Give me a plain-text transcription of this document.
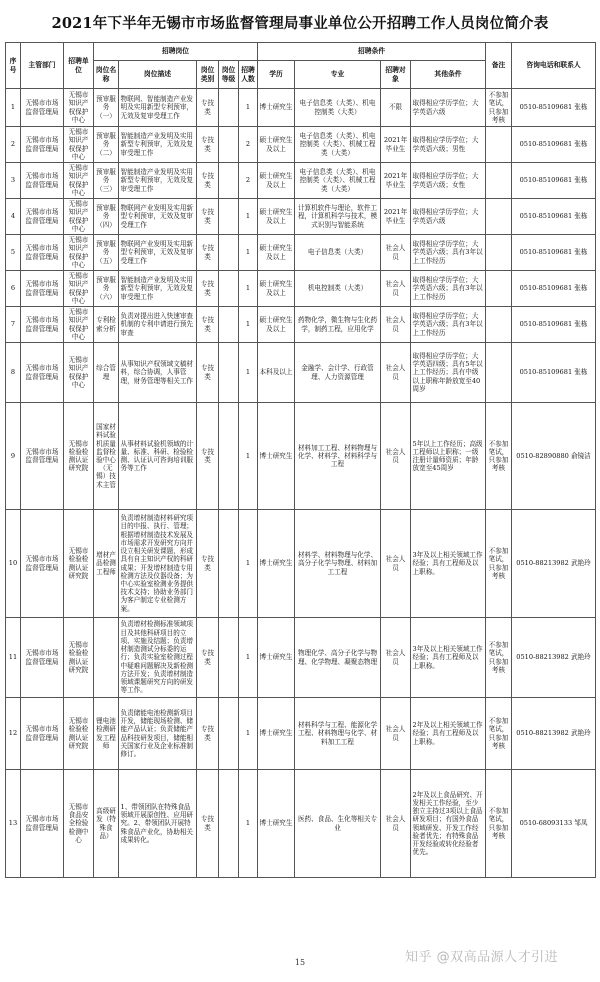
2021年下半年无锡市市场监督管理局事业单位公开招聘工作人员岗位简介表
序号	主管部门	招聘单位	招聘岗位					招聘条件				备注	咨询电话和联系人
			岗位名称	岗位描述	岗位类别	岗位等级	招聘人数	学历	专业	招聘对象	其他条件		
1	无锡市市场监督管理局	无锡市知识产权保护中心	预审服务（一）	物联网、智能制造产业发明及实用新型专利预审，无效及复审受理工作	专技类		1	博士研究生	电子信息类（大类）、机电控制类（大类）	不限	取得相应学历学位；大学英语六级	不参加笔试，只参加考核	0510-85109681 张栋
2	无锡市市场监督管理局	无锡市知识产权保护中心	预审服务（二）	智能制造产业发明及实用新型专利预审，无效及复审受理工作	专技类		2	硕士研究生及以上	电子信息类（大类）、机电控制类（大类）、机械工程类（大类）	2021年毕业生	取得相应学历学位；大学英语六级；男性		0510-85109681 张栋
3	无锡市市场监督管理局	无锡市知识产权保护中心	预审服务（三）	智能制造产业发明及实用新型专利预审，无效及复审受理工作	专技类		2	硕士研究生及以上	电子信息类（大类）、机电控制类（大类）、机械工程类（大类）	2021年毕业生	取得相应学历学位；大学英语六级；女性		0510-85109681 张栋
4	无锡市市场监督管理局	无锡市知识产权保护中心	预审服务（四）	物联网产业发明及实用新型专利预审，无效及复审受理工作	专技类		1	硕士研究生及以上	计算机软件与理论，软件工程，计算机科学与技术，模式识别与智能系统	2021年毕业生	取得相应学历学位；大学英语六级		0510-85109681 张栋
5	无锡市市场监督管理局	无锡市知识产权保护中心	预审服务（五）	物联网产业发明及实用新型专利预审，无效及复审受理工作	专技类		1	硕士研究生及以上	电子信息类（大类）	社会人员	取得相应学历学位；大学英语六级；具有3年以上工作经历		0510-85109681 张栋
6	无锡市市场监督管理局	无锡市知识产权保护中心	预审服务（六）	智能制造产业发明及实用新型专利预审，无效及复审受理工作	专技类		1	硕士研究生及以上	机电控制类（大类）	社会人员	取得相应学历学位；大学英语六级；具有3年以上工作经历		0510-85109681 张栋
7	无锡市市场监督管理局	无锡市知识产权保护中心	专利检索分析	负责对提出进入快速审查机制的专利申请进行预先审查	专技类		1	硕士研究生及以上	药物化学，微生物与生化药学，制药工程，应用化学	社会人员	取得相应学历学位；大学英语六级；具有3年以上工作经历		0510-85109681 张栋
8	无锡市市场监督管理局	无锡市知识产权保护中心	综合管理	从事知识产权领域文稿材料，综合协调，人事管理，财务管理等相关工作	专技类		1	本科及以上	金融学、会计学、行政管理、人力资源管理	社会人员	取得相应学历学位；大学英语四级；具有5年以上工作经历；具有中级以上职称年龄放宽至40周岁		0510-85109681 张栋
9	无锡市市场监督管理局	无锡市检验检测认证研究院	国家材料试验机质量监督检验中心（无锡）技术主管	从事材料试验机领域的计量、标准、科研、检验检测、认证认可咨询培训服务等工作	专技类		1	博士研究生	材料加工工程、材料物理与化学、材料学、材料科学与工程	社会人员	5年以上工作经历；高级工程师以上职称；一级注册计量师资质；年龄放宽至45周岁	不参加笔试，只参加考核	0510-82890880 俞镜洁
10	无锡市市场监督管理局	无锡市检验检测认证研究院	增材产品检测工程师	负责增材制造材料研究项目的申报、执行、管理；根据增材制造技术发展及市场需求开发研究方向并设立相关研发课题，形成具有自主知识产权的科研成果；开发增材制造专用检测方法及仪器设备；为中心实验室检测业务提供技术支持；协助业务部门为客户制定专业检测方案。	专技类		1	博士研究生	材料学、材料物理与化学、高分子化学与物理、材料加工工程	社会人员	3年及以上相关领域工作经验；具有工程师及以上职称。	不参加笔试，只参加考核	0510-88213982 武艳玲
11	无锡市市场监督管理局	无锡市检验检测认证研究院		负责增材检测标准领域项目及其他科研项目的立项、实施及结题；负责增材制造测试分标委的运行；负责实验室检测过程中疑难问题解决及新检测方法开发；负责增材制造领域课题研究方向的研发等工作。	专技类		1	博士研究生	物理化学、高分子化学与物理、化学物理、凝聚态物理	社会人员	3年及以上相关领域工作经验；具有工程师及以上职称。	不参加笔试，只参加考核	0510-88213982 武艳玲
12	无锡市市场监督管理局	无锡市检验检测认证研究院	锂电池检测研发工程师	负责储能电池检测新项目开发，储能现场检测、储能产品认证；负责储能产品科技研发项目，储能相关国家行业及企业标准制修订。	专技类		1	博士研究生	材料科学与工程、能源化学工程、材料物理与化学、材料加工工程	社会人员	2年及以上相关领域工作经验；具有工程师及以上职称。	不参加笔试，只参加考核	0510-88213982 武艳玲
13	无锡市市场监督管理局	无锡市食品安全检验检测中心	高级研发（特殊食品）	1、带领团队在特殊食品领域开展原创性、应用研究。2、带领团队开展特殊食品产业化，协助相关成果转化。	专技类		1	博士研究生	医药、食品、生化等相关专业	社会人员	2年及以上食品研究、开发相关工作经验，至少独立主持过3项以上食品研发项目；有国外食品领域研发、开发工作经验者优先；有特殊食品开发经验或转化经验者优先。	不参加笔试，只参加考核	0510-68093133 邹凤
15	知乎 @双高品源人才引进
